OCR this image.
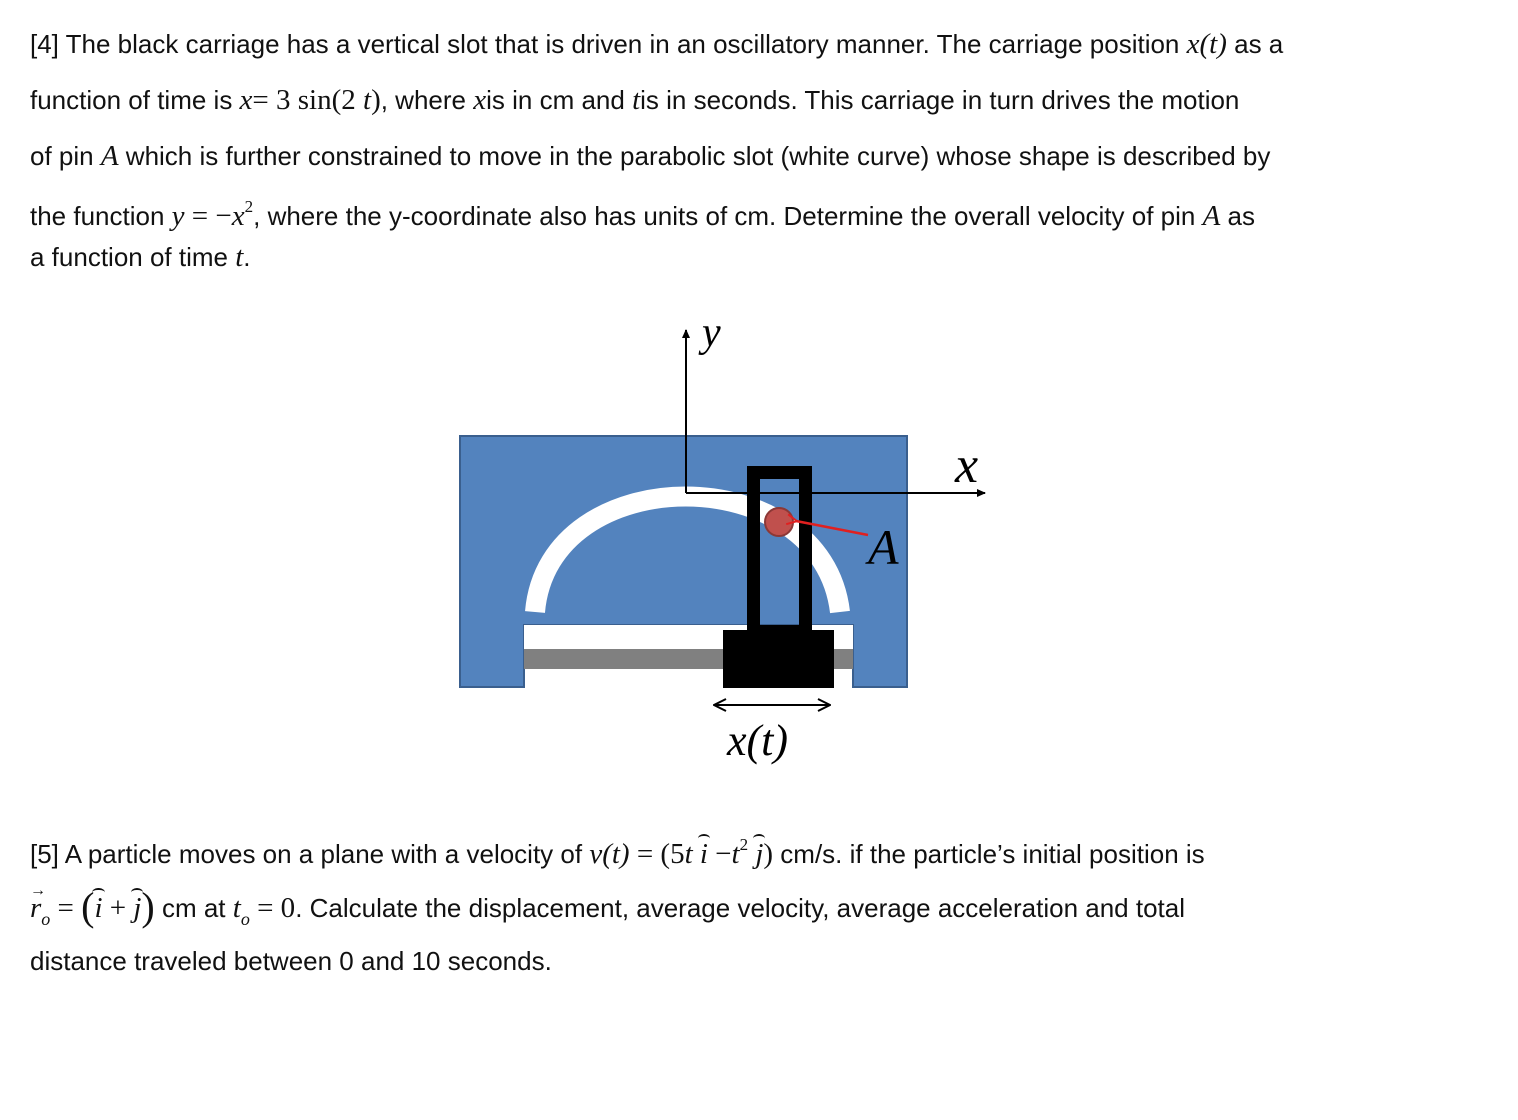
[4] The black carriage has a vertical slot that is driven in an oscillatory manner. The carriage position x(t) as a
function of time is x= 3 sin(2 t), where xis in cm and tis in seconds. This carriage in turn drives the motion
of pin A which is further constrained to move in the parabolic slot (white curve) whose shape is described by
the function $y = -x^2$, where the y-coordinate also has units of cm. Determine the overall velocity of pin A as
a function of time t.
y
x
A
x(t)
[5] A particle moves on a plane with a velocity of v(t) = (5t $i -t^2$ j) cm/s. if the particle’s initial position is
→ $r_o = (i + j)$ cm at $t_o = 0$. Calculate the displacement, average velocity, average acceleration and total
distance traveled between 0 and 10 seconds.
